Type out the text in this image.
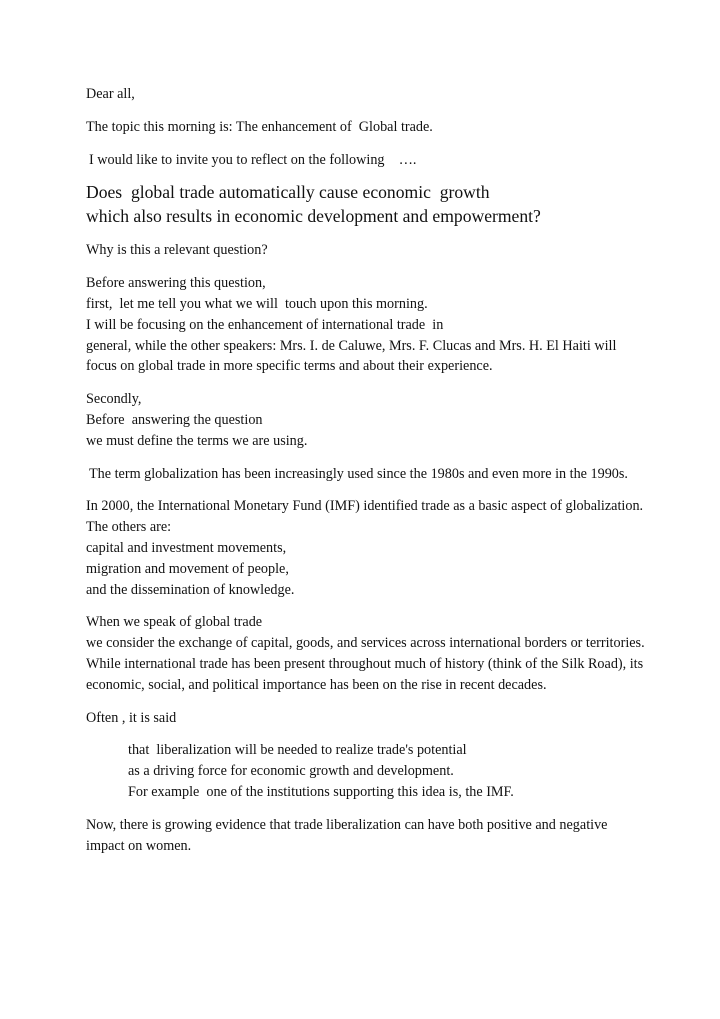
Dear all,

The topic this morning is: The enhancement of  Global trade.

I would like to invite you to reflect on the following    ….

Does  global trade automatically cause economic  growth
which also results in economic development and empowerment?

Why is this a relevant question?

Before answering this question,
first,  let me tell you what we will  touch upon this morning.
I will be focusing on the enhancement of international trade  in
general, while the other speakers: Mrs. I. de Caluwe, Mrs. F. Clucas and Mrs. H. El Haiti will focus on global trade in more specific terms and about their experience.

Secondly,
Before  answering the question
we must define the terms we are using.

The term globalization has been increasingly used since the 1980s and even more in the 1990s.

In 2000, the International Monetary Fund (IMF) identified trade as a basic aspect of globalization. The others are:
capital and investment movements,
migration and movement of people,
and the dissemination of knowledge.

When we speak of global trade
we consider the exchange of capital, goods, and services across international borders or territories. While international trade has been present throughout much of history (think of the Silk Road), its economic, social, and political importance has been on the rise in recent decades.

Often , it is said

that  liberalization will be needed to realize trade's potential
as a driving force for economic growth and development.
For example  one of the institutions supporting this idea is, the IMF.

Now, there is growing evidence that trade liberalization can have both positive and negative impact on women.
